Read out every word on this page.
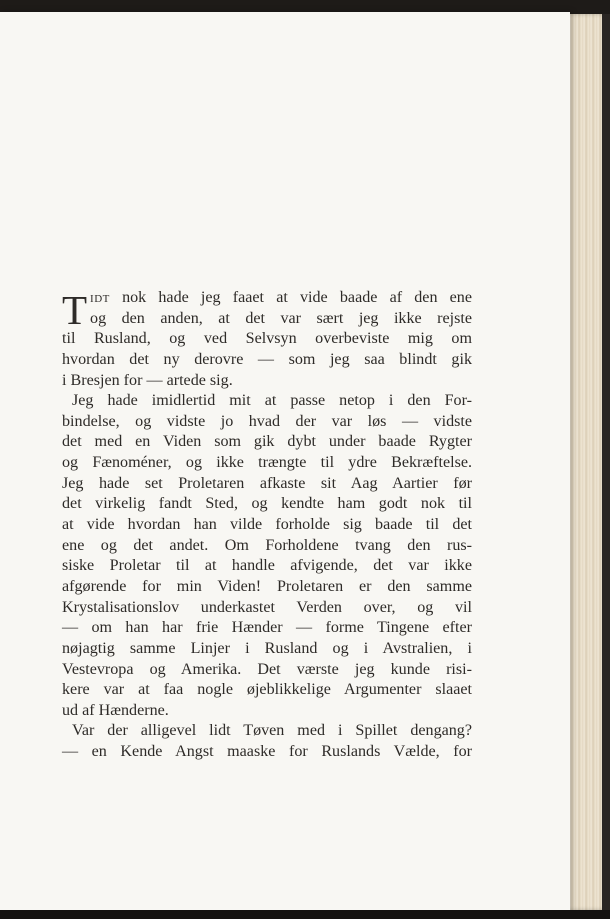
T idt nok hade jeg faaet at vide baade af den ene
og den anden, at det var sært jeg ikke rejste
til Rusland, og ved Selvsyn overbeviste mig om
hvordan det ny derovre — som jeg saa blindt gik
i Bresjen for — artede sig.
Jeg hade imidlertid mit at passe netop i den For-
bindelse, og vidste jo hvad der var løs — vidste
det med en Viden som gik dybt under baade Rygter
og Fænoméner, og ikke trængte til ydre Bekræftelse.
Jeg hade set Proletaren afkaste sit Aag Aartier før
det virkelig fandt Sted, og kendte ham godt nok til
at vide hvordan han vilde forholde sig baade til det
ene og det andet. Om Forholdene tvang den rus-
siske Proletar til at handle afvigende, det var ikke
afgørende for min Viden! Proletaren er den samme
Krystalisationslov underkastet Verden over, og vil
— om han har frie Hænder — forme Tingene efter
nøjagtig samme Linjer i Rusland og i Avstralien, i
Vestevropa og Amerika. Det værste jeg kunde risi-
kere var at faa nogle øjeblikkelige Argumenter slaaet
ud af Hænderne.
Var der alligevel lidt Tøven med i Spillet dengang?
— en Kende Angst maaske for Ruslands Vælde, for
